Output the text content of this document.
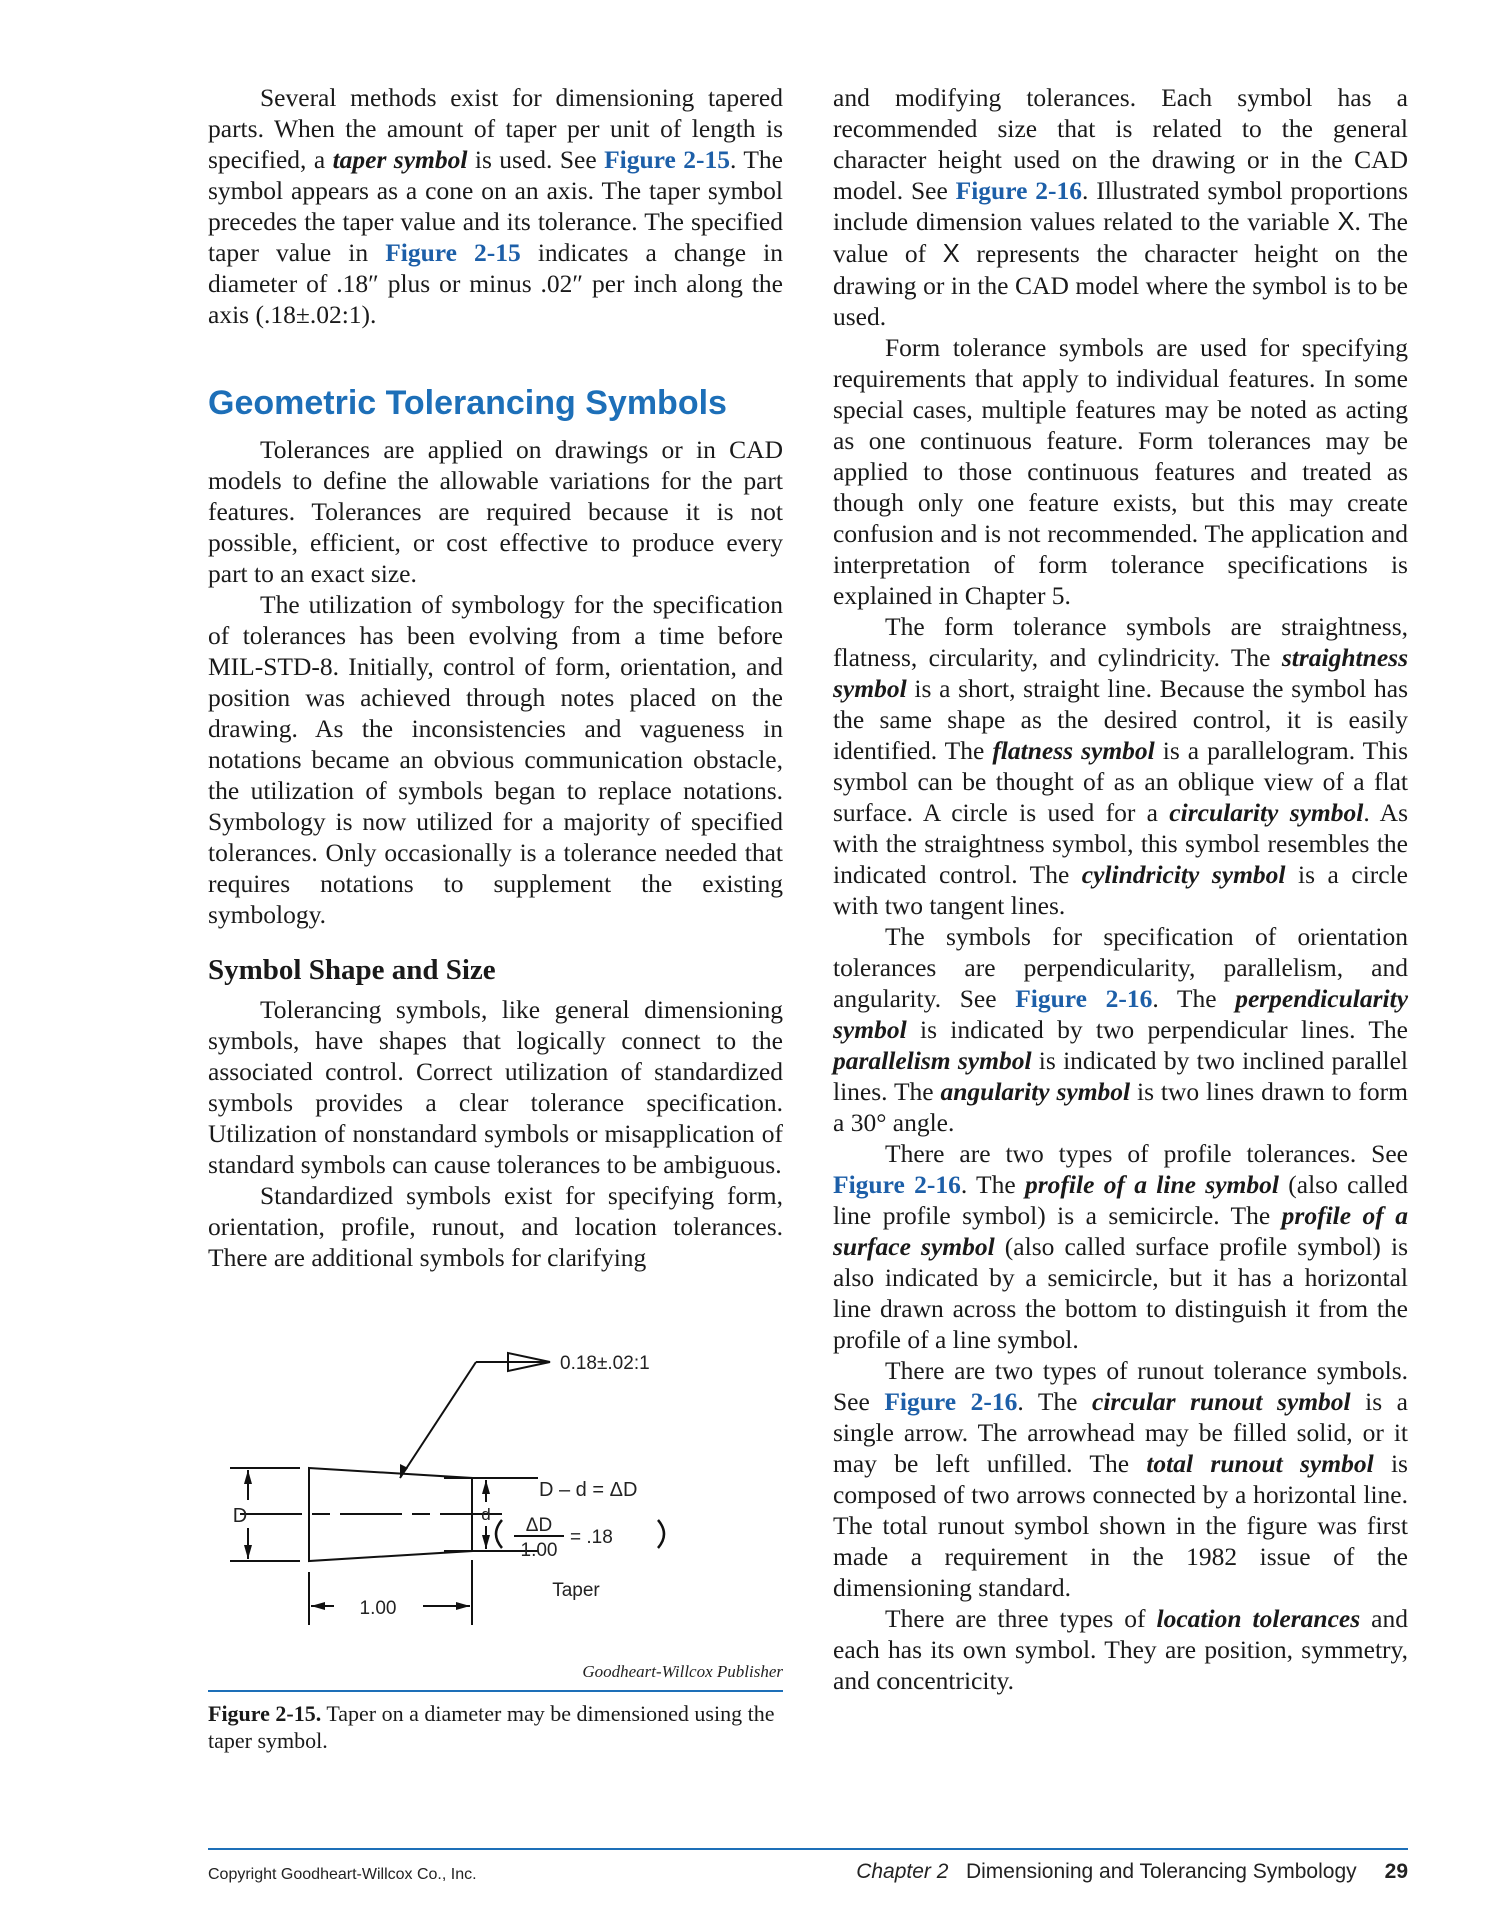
Several methods exist for dimensioning tapered parts. When the amount of taper per unit of length is specified, a taper symbol is used. See Figure 2-15. The symbol appears as a cone on an axis. The taper symbol precedes the taper value and its tolerance. The specified taper value in Figure 2-15 indicates a change in diameter of .18″ plus or minus .02″ per inch along the axis (.18±.02:1).

Geometric Tolerancing Symbols

Tolerances are applied on drawings or in CAD models to define the allowable variations for the part features. Tolerances are required because it is not possible, efficient, or cost effective to produce every part to an exact size.

The utilization of symbology for the specification of tolerances has been evolving from a time before MIL-STD-8. Initially, control of form, orientation, and position was achieved through notes placed on the drawing. As the inconsistencies and vagueness in notations became an obvious communication obstacle, the utilization of symbols began to replace notations. Symbology is now utilized for a majority of specified tolerances. Only occasionally is a tolerance needed that requires notations to supplement the existing symbology.

Symbol Shape and Size

Tolerancing symbols, like general dimensioning symbols, have shapes that logically connect to the associated control. Correct utilization of standardized symbols provides a clear tolerance specification. Utilization of nonstandard symbols or misapplication of standard symbols can cause tolerances to be ambiguous.

Standardized symbols exist for specifying form, orientation, profile, runout, and location tolerances. There are additional symbols for clarifying

and modifying tolerances. Each symbol has a recommended size that is related to the general character height used on the drawing or in the CAD model. See Figure 2-16. Illustrated symbol proportions include dimension values related to the variable X. The value of X represents the character height on the drawing or in the CAD model where the symbol is to be used.

Form tolerance symbols are used for specifying requirements that apply to individual features. In some special cases, multiple features may be noted as acting as one continuous feature. Form tolerances may be applied to those continuous features and treated as though only one feature exists, but this may create confusion and is not recommended. The application and interpretation of form tolerance specifications is explained in Chapter 5.

The form tolerance symbols are straightness, flatness, circularity, and cylindricity. The straightness symbol is a short, straight line. Because the symbol has the same shape as the desired control, it is easily identified. The flatness symbol is a parallelogram. This symbol can be thought of as an oblique view of a flat surface. A circle is used for a circularity symbol. As with the straightness symbol, this symbol resembles the indicated control. The cylindricity symbol is a circle with two tangent lines.

The symbols for specification of orientation tolerances are perpendicularity, parallelism, and angularity. See Figure 2-16. The perpendicularity symbol is indicated by two perpendicular lines. The parallelism symbol is indicated by two inclined parallel lines. The angularity symbol is two lines drawn to form a 30° angle.

There are two types of profile tolerances. See Figure 2-16. The profile of a line symbol (also called line profile symbol) is a semicircle. The profile of a surface symbol (also called surface profile symbol) is also indicated by a semicircle, but it has a horizontal line drawn across the bottom to distinguish it from the profile of a line symbol.

There are two types of runout tolerance symbols. See Figure 2-16. The circular runout symbol is a single arrow. The arrowhead may be filled solid, or it may be left unfilled. The total runout symbol is composed of two arrows connected by a horizontal line. The total runout symbol shown in the figure was first made a requirement in the 1982 issue of the dimensioning standard.

There are three types of location tolerances and each has its own symbol. They are position, symmetry, and concentricity.

0.18±.02:1
D	d
D – d = ΔD
ΔD
1.00
= .18
Taper
1.00
Goodheart-Willcox Publisher
Figure 2-15. Taper on a diameter may be dimensioned using the taper symbol.
Copyright Goodheart-Willcox Co., Inc.	Chapter 2 Dimensioning and Tolerancing Symbology 29
